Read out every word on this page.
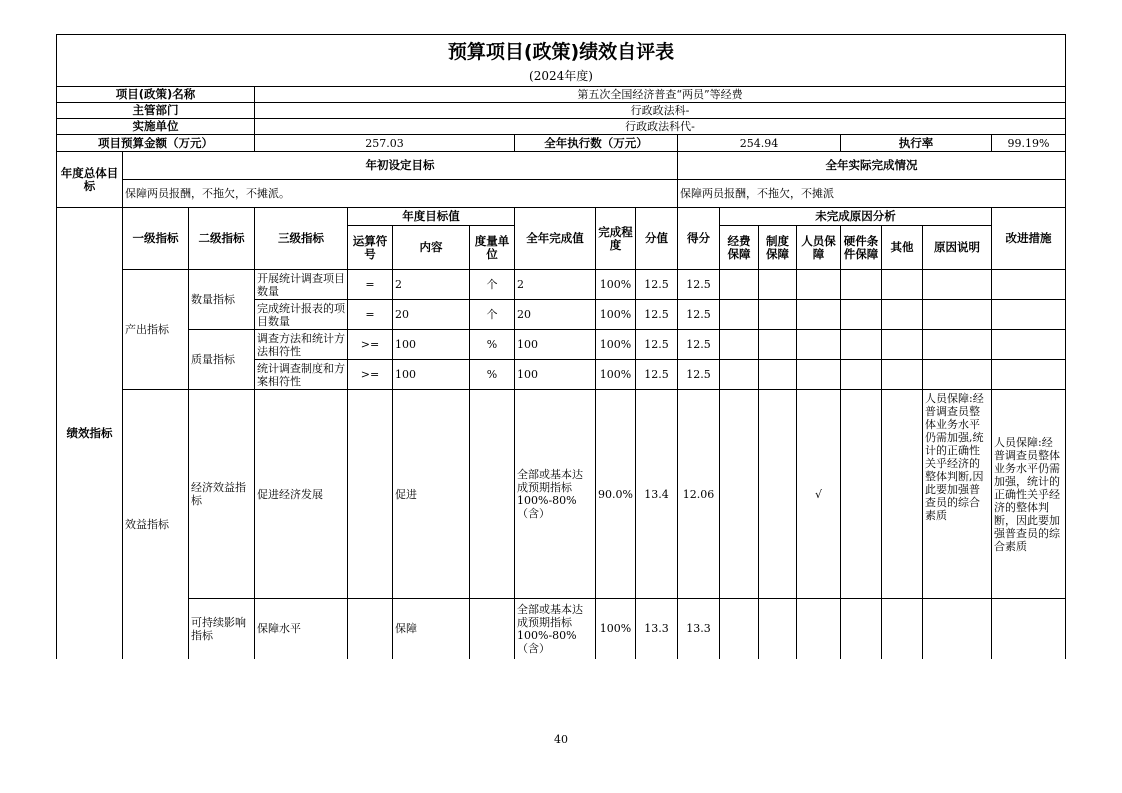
预算项目(政策)绩效自评表																	
(2024年度)																	
项目(政策)名称			第五次全国经济普查“两员”等经费														
主管部门			行政政法科-														
实施单位			行政政法科代-														
项目预算金额（万元）			257.03				全年执行数（万元）			254.94				执行率			99.19%
年度总体目标	年初设定目标									全年实际完成情况							
	保障两员报酬，不拖欠，不摊派。									保障两员报酬，不拖欠，不摊派							
绩效指标	一级指标	二级指标	三级指标	年度目标值			全年完成值	完成程度	分值	得分	未完成原因分析						改进措施
				运算符号	内容	度量单位					经费保障	制度保障	人员保障	硬件条件保障	其他	原因说明	
	产出指标	数量指标	开展统计调查项目数量	=	2	个	2	100%	12.5	12.5							
			完成统计报表的项目数量	=	20	个	20	100%	12.5	12.5							
		质量指标	调查方法和统计方法相符性	>=	100	%	100	100%	12.5	12.5							
			统计调查制度和方案相符性	>=	100	%	100	100%	12.5	12.5							
	效益指标	经济效益指标	促进经济发展		促进		全部或基本达成预期指标100%-80%（含）	90.0%	13.4	12.06			√			人员保障:经普调查员整体业务水平仍需加强,统计的正确性关乎经济的整体判断,因此要加强普查员的综合素质	人员保障:经普调查员整体业务水平仍需加强，统计的正确性关乎经济的整体判断，因此要加强普查员的综合素质
		可持续影响指标	保障水平		保障		全部或基本达成预期指标100%-80%（含）	100%	13.3	13.3							
40
